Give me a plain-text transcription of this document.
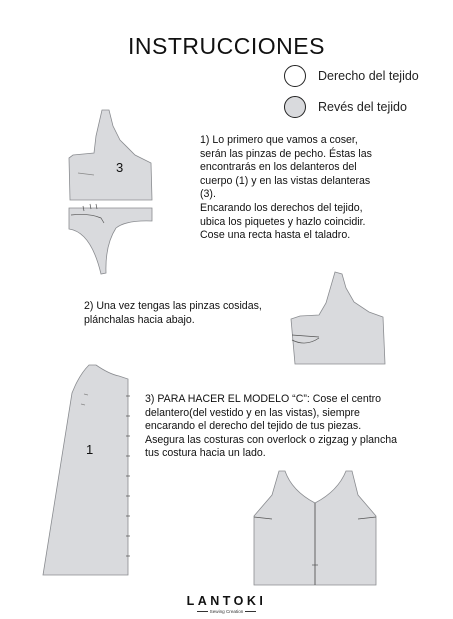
INSTRUCCIONES
Derecho del tejido
Revés del tejido
3
1) Lo primero que vamos a coser,
serán las pinzas de pecho. Éstas las
encontrarás en los delanteros del
cuerpo (1) y en las vistas delanteras
(3).
Encarando los derechos del tejido,
ubica los piquetes y hazlo coincidir.
Cose una recta hasta el taladro.
2) Una vez tengas las pinzas cosidas,
plánchalas hacia abajo.
1
3) PARA HACER EL MODELO “C”: Cose el centro
delantero(del vestido y en las vistas), siempre
encarando el derecho del tejido de tus piezas.
Asegura las costuras con overlock o zigzag y plancha
tus costura hacia un lado.
LANTOKI
Sewing Creation
